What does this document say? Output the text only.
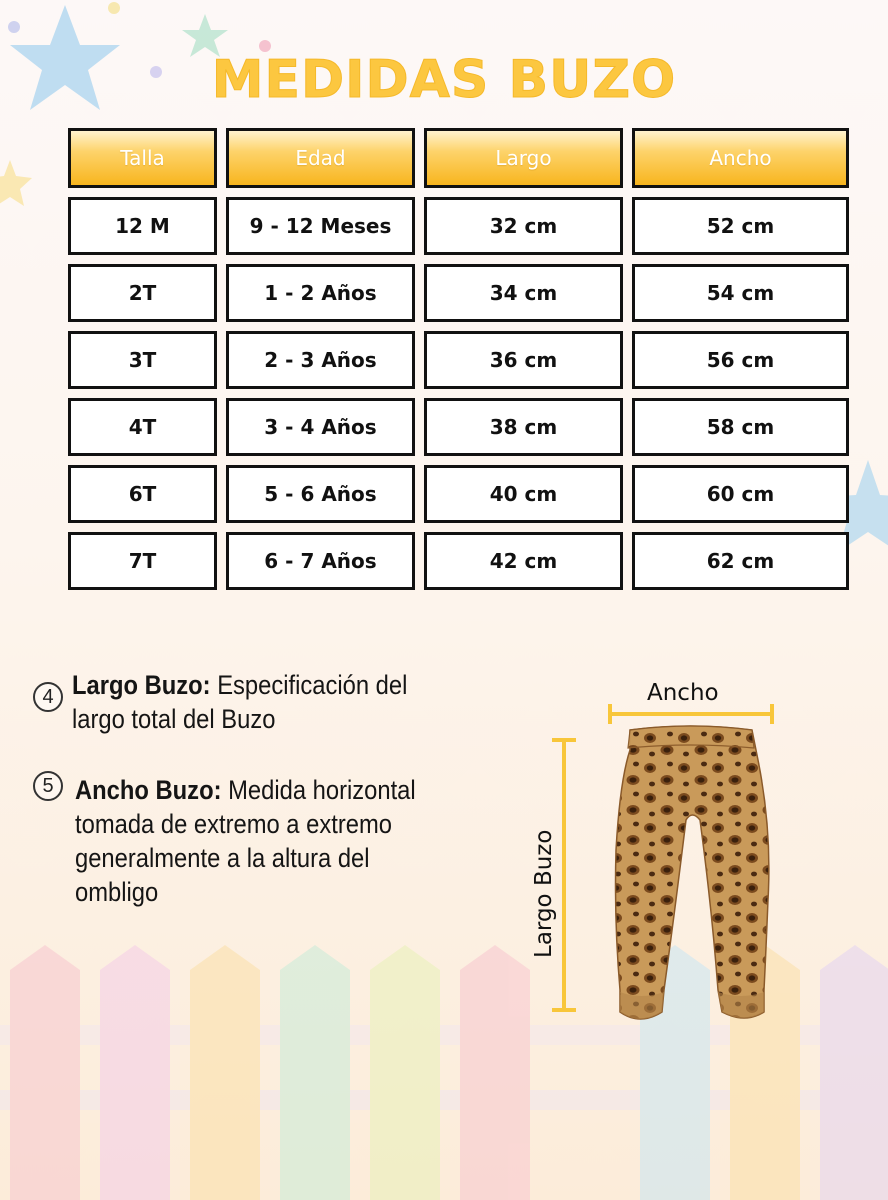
MEDIDAS BUZO
Talla	Edad	Largo	Ancho
12 M	9 - 12 Meses	32 cm	52 cm
2T	1 - 2 Años	34 cm	54 cm
3T	2 - 3 Años	36 cm	56 cm
4T	3 - 4 Años	38 cm	58 cm
6T	5 - 6 Años	40 cm	60 cm
7T	6 - 7 Años	42 cm	62 cm
4 Largo Buzo: Especificación del
largo total del Buzo
5 Ancho Buzo: Medida horizontal
tomada de extremo a extremo
generalmente a la altura del
ombligo
Ancho
Largo Buzo
